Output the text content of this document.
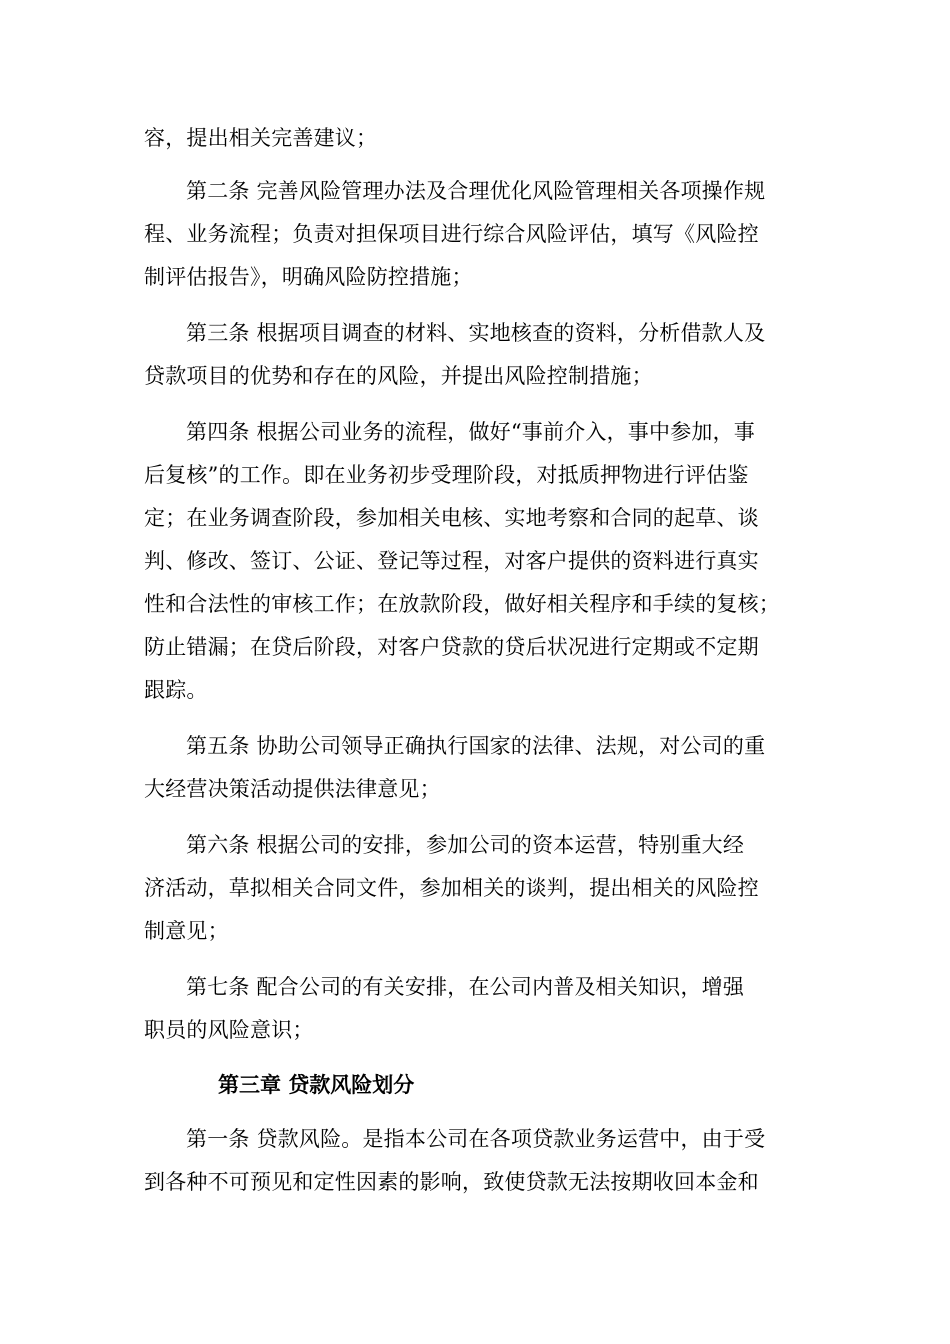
容，提出相关完善建议；
第二条 完善风险管理办法及合理优化风险管理相关各项操作规
程、业务流程；负责对担保项目进行综合风险评估，填写《风险控
制评估报告》，明确风险防控措施；
第三条 根据项目调查的材料、实地核查的资料，分析借款人及
贷款项目的优势和存在的风险，并提出风险控制措施；
第四条 根据公司业务的流程，做好“事前介入，事中参加，事
后复核”的工作。即在业务初步受理阶段，对抵质押物进行评估鉴
定；在业务调查阶段，参加相关电核、实地考察和合同的起草、谈
判、修改、签订、公证、登记等过程，对客户提供的资料进行真实
性和合法性的审核工作；在放款阶段，做好相关程序和手续的复核；
防止错漏；在贷后阶段，对客户贷款的贷后状况进行定期或不定期
跟踪。
第五条 协助公司领导正确执行国家的法律、法规，对公司的重
大经营决策活动提供法律意见；
第六条 根据公司的安排，参加公司的资本运营，特别重大经
济活动，草拟相关合同文件，参加相关的谈判，提出相关的风险控
制意见；
第七条 配合公司的有关安排，在公司内普及相关知识，增强
职员的风险意识；
第三章 贷款风险划分
第一条 贷款风险。是指本公司在各项贷款业务运营中，由于受
到各种不可预见和定性因素的影响，致使贷款无法按期收回本金和
